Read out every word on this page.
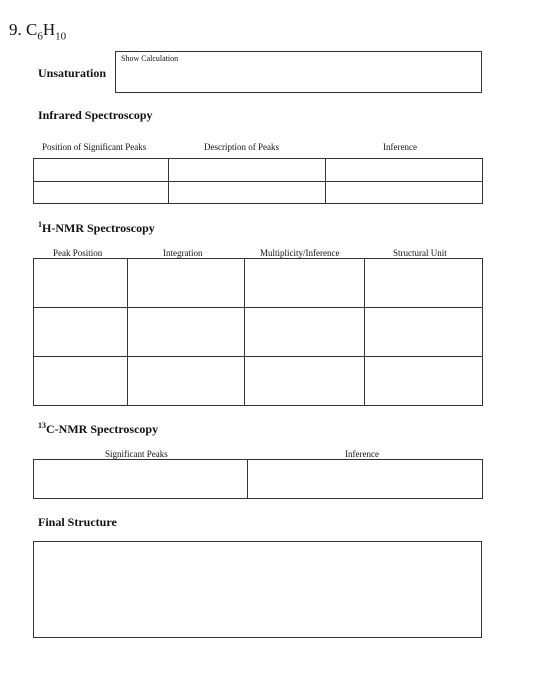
9. $C_6H_{10}$
Unsaturation
Show Calculation
Infrared Spectroscopy
Position of Significant Peaks	Description of Peaks	Inference

$^1$H-NMR Spectroscopy
Peak Position	Integration	Multiplicity/Inference	Structural Unit

$^{13}$C-NMR Spectroscopy
Significant Peaks	Inference

Final Structure
